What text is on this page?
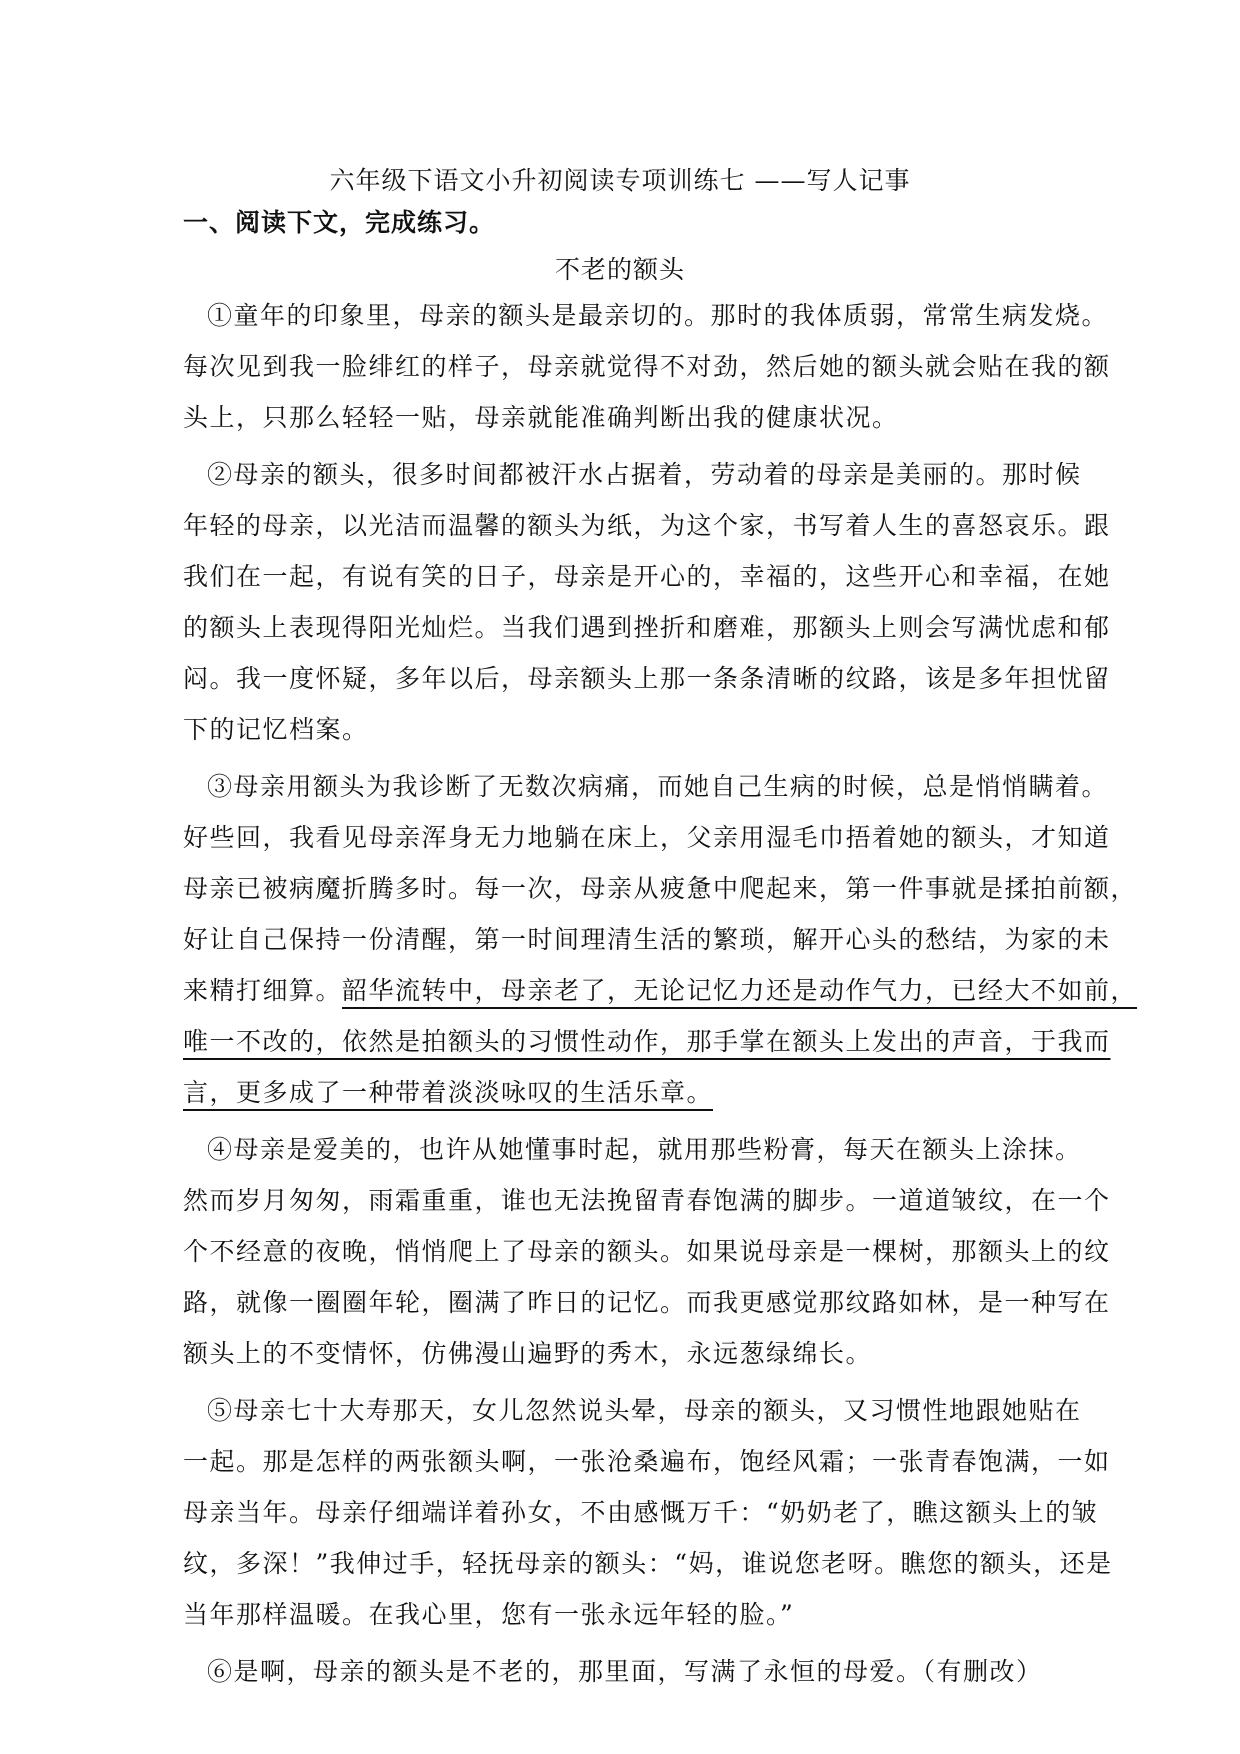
六年级下语文小升初阅读专项训练七 ——写人记事
一、阅读下文，完成练习。
不老的额头
①童年的印象里，母亲的额头是最亲切的。那时的我体质弱，常常生病发烧。
每次见到我一脸绯红的样子，母亲就觉得不对劲，然后她的额头就会贴在我的额
头上，只那么轻轻一贴，母亲就能准确判断出我的健康状况。
②母亲的额头，很多时间都被汗水占据着，劳动着的母亲是美丽的。那时候
年轻的母亲，以光洁而温馨的额头为纸，为这个家，书写着人生的喜怒哀乐。跟
我们在一起，有说有笑的日子，母亲是开心的，幸福的，这些开心和幸福，在她
的额头上表现得阳光灿烂。当我们遇到挫折和磨难，那额头上则会写满忧虑和郁
闷。我一度怀疑，多年以后，母亲额头上那一条条清晰的纹路，该是多年担忧留
下的记忆档案。
③母亲用额头为我诊断了无数次病痛，而她自己生病的时候，总是悄悄瞒着。
好些回，我看见母亲浑身无力地躺在床上，父亲用湿毛巾捂着她的额头，才知道
母亲已被病魔折腾多时。每一次，母亲从疲惫中爬起来，第一件事就是揉拍前额，
好让自己保持一份清醒，第一时间理清生活的繁琐，解开心头的愁结，为家的未
来精打细算。韶华流转中，母亲老了，无论记忆力还是动作气力，已经大不如前，
唯一不改的，依然是拍额头的习惯性动作，那手掌在额头上发出的声音，于我而
言，更多成了一种带着淡淡咏叹的生活乐章。
④母亲是爱美的，也许从她懂事时起，就用那些粉膏，每天在额头上涂抹。
然而岁月匆匆，雨霜重重，谁也无法挽留青春饱满的脚步。一道道皱纹，在一个
个不经意的夜晚，悄悄爬上了母亲的额头。如果说母亲是一棵树，那额头上的纹
路，就像一圈圈年轮，圈满了昨日的记忆。而我更感觉那纹路如林，是一种写在
额头上的不变情怀，仿佛漫山遍野的秀木，永远葱绿绵长。
⑤母亲七十大寿那天，女儿忽然说头晕，母亲的额头，又习惯性地跟她贴在
一起。那是怎样的两张额头啊，一张沧桑遍布，饱经风霜；一张青春饱满，一如
母亲当年。母亲仔细端详着孙女，不由感慨万千：“奶奶老了，瞧这额头上的皱
纹，多深！”我伸过手，轻抚母亲的额头：“妈，谁说您老呀。瞧您的额头，还是
当年那样温暖。在我心里，您有一张永远年轻的脸。”
⑥是啊，母亲的额头是不老的，那里面，写满了永恒的母爱。（有删改）
